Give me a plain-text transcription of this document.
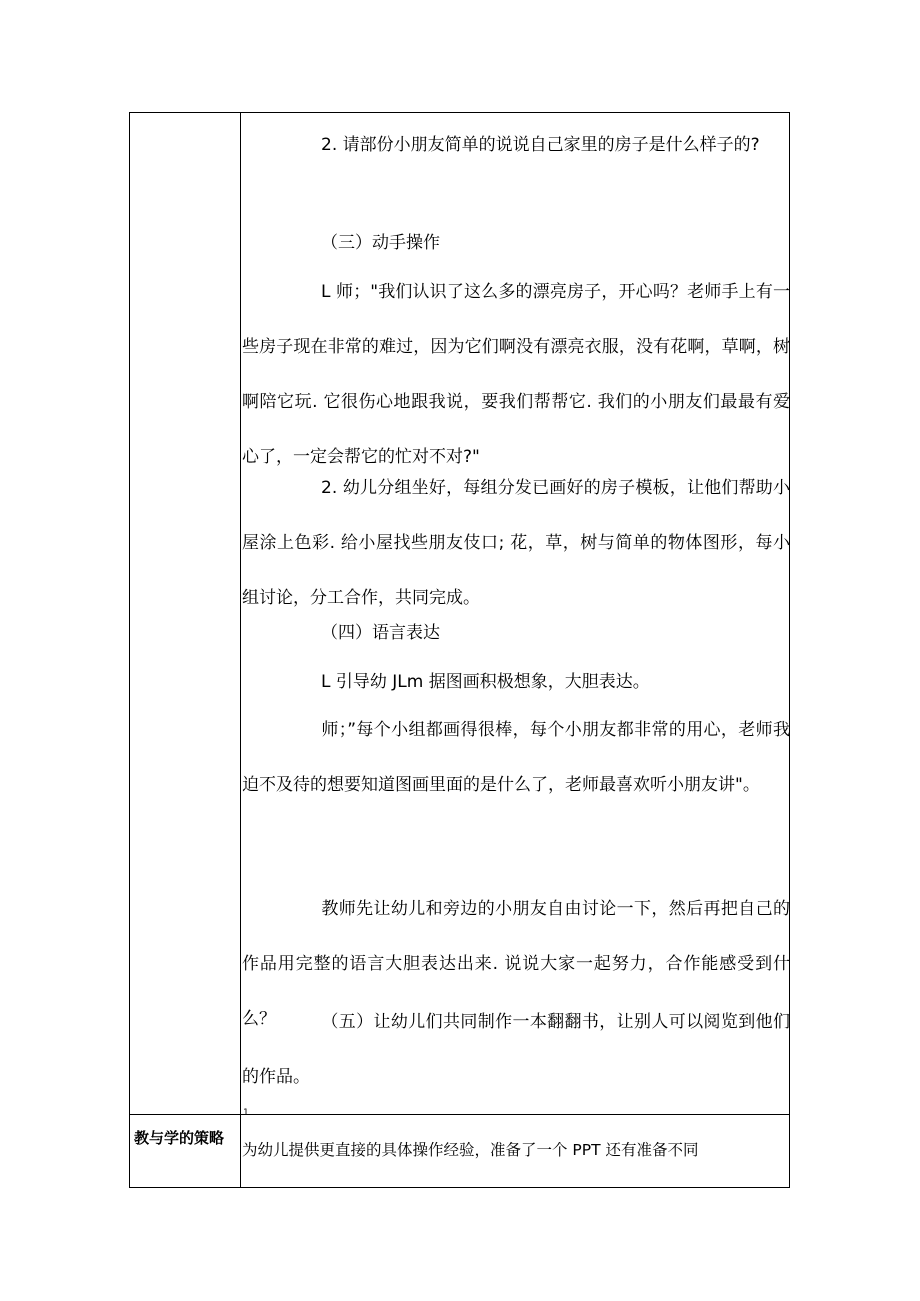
2. 请部份小朋友简单的说说自己家里的房子是什么样子的?
（三）动手操作
L 师；"我们认识了这么多的漂亮房子，开心吗？老师手上有一些房子现在非常的难过，因为它们啊没有漂亮衣服，没有花啊，草啊，树啊陪它玩. 它很伤心地跟我说，要我们帮帮它. 我们的小朋友们最最有爱心了，一定会帮它的忙对不对?"
2. 幼儿分组坐好，每组分发已画好的房子模板，让他们帮助小屋涂上色彩. 给小屋找些朋友伎口; 花，草，树与简单的物体图形，每小组讨论，分工合作，共同完成。
（四）语言表达
L 引导幼 JLm 据图画积极想象，大胆表达。
师；”每个小组都画得很棒，每个小朋友都非常的用心，老师我迫不及待的想要知道图画里面的是什么了，老师最喜欢听小朋友讲"。
教师先让幼儿和旁边的小朋友自由讨论一下，然后再把自己的作品用完整的语言大胆表达出来. 说说大家一起努力，合作能感受到什么？	（五）让幼儿们共同制作一本翻翻书，让别人可以阅览到他们的作品。
1
教与学的策略
为幼儿提供更直接的具体操作经验，准备了一个 PPT 还有准备不同
